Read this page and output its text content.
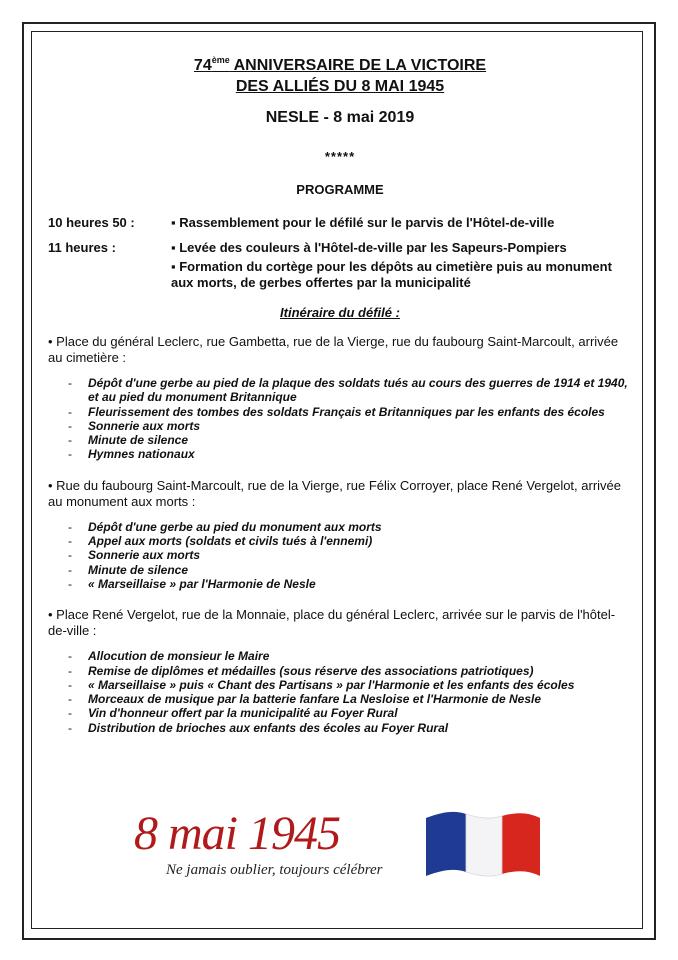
74ème ANNIVERSAIRE DE LA VICTOIRE
DES ALLIÉS DU 8 MAI 1945
NESLE - 8 mai 2019
*****
PROGRAMME
10 heures 50 :	▪ Rassemblement pour le défilé sur le parvis de l'Hôtel-de-ville
11 heures :	▪ Levée des couleurs à l'Hôtel-de-ville par les Sapeurs-Pompiers
▪ Formation du cortège pour les dépôts au cimetière puis au monument aux morts, de gerbes offertes par la municipalité
Itinéraire du défilé :
• Place du général Leclerc, rue Gambetta, rue de la Vierge, rue du faubourg Saint-Marcoult, arrivée au cimetière :
- Dépôt d'une gerbe au pied de la plaque des soldats tués au cours des guerres de 1914 et 1940, et au pied du monument Britannique
- Fleurissement des tombes des soldats Français et Britanniques par les enfants des écoles
- Sonnerie aux morts
- Minute de silence
- Hymnes nationaux
• Rue du faubourg Saint-Marcoult, rue de la Vierge, rue Félix Corroyer, place René Vergelot, arrivée au monument aux morts :
- Dépôt d'une gerbe au pied du monument aux morts
- Appel aux morts (soldats et civils tués à l'ennemi)
- Sonnerie aux morts
- Minute de silence
- « Marseillaise » par l'Harmonie de Nesle
• Place René Vergelot, rue de la Monnaie, place du général Leclerc, arrivée sur le parvis de l'hôtel-de-ville :
- Allocution de monsieur le Maire
- Remise de diplômes et médailles (sous réserve des associations patriotiques)
- « Marseillaise » puis « Chant des Partisans » par l'Harmonie et les enfants des écoles
- Morceaux de musique par la batterie fanfare La Nesloise et l'Harmonie de Nesle
- Vin d'honneur offert par la municipalité au Foyer Rural
- Distribution de brioches aux enfants des écoles au Foyer Rural
8 mai 1945
Ne jamais oublier, toujours célébrer
